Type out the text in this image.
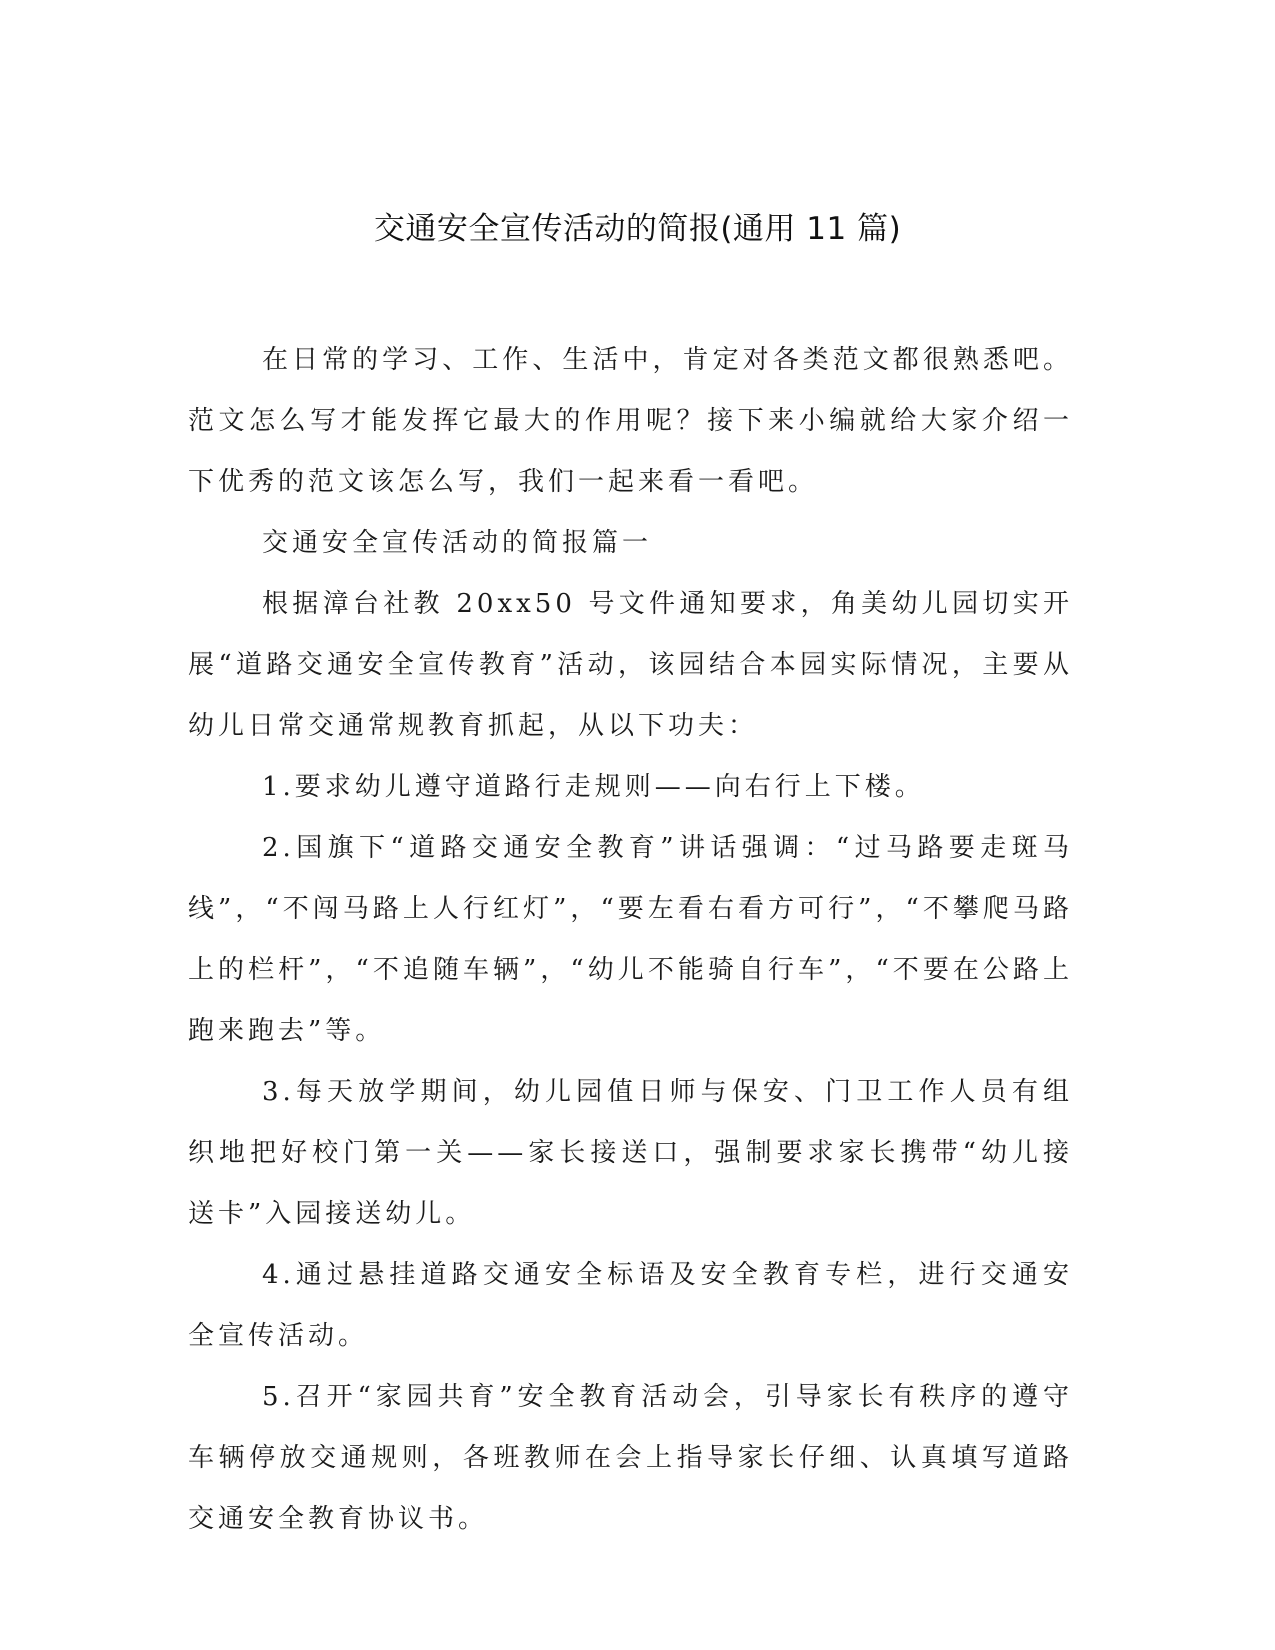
交通安全宣传活动的简报(通用 11 篇)

在日常的学习、工作、生活中，肯定对各类范文都很熟悉吧。范文怎么写才能发挥它最大的作用呢？接下来小编就给大家介绍一下优秀的范文该怎么写，我们一起来看一看吧。

交通安全宣传活动的简报篇一

根据漳台社教 20xx50 号文件通知要求，角美幼儿园切实开展“道路交通安全宣传教育”活动，该园结合本园实际情况，主要从幼儿日常交通常规教育抓起，从以下功夫：

1.要求幼儿遵守道路行走规则——向右行上下楼。

2.国旗下“道路交通安全教育”讲话强调：“过马路要走斑马线”，“不闯马路上人行红灯”，“要左看右看方可行”，“不攀爬马路上的栏杆”，“不追随车辆”，“幼儿不能骑自行车”，“不要在公路上跑来跑去”等。

3.每天放学期间，幼儿园值日师与保安、门卫工作人员有组织地把好校门第一关——家长接送口，强制要求家长携带“幼儿接送卡”入园接送幼儿。

4.通过悬挂道路交通安全标语及安全教育专栏，进行交通安全宣传活动。

5.召开“家园共育”安全教育活动会，引导家长有秩序的遵守车辆停放交通规则，各班教师在会上指导家长仔细、认真填写道路交通安全教育协议书。
